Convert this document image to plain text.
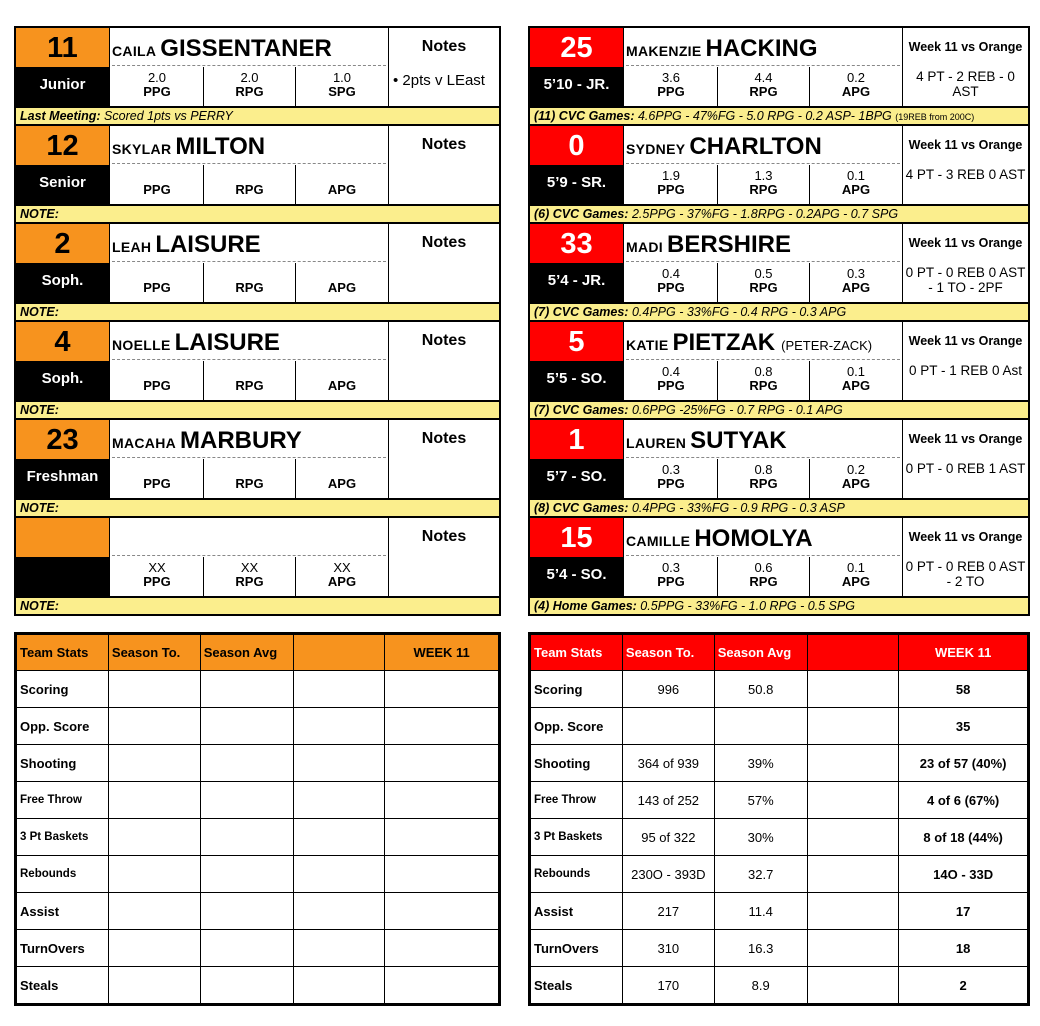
11
Junior
CAILA GISSENTANER
2.0
PPG
2.0
RPG
1.0
SPG
Notes
• 2pts v LEast
Last Meeting: Scored 1pts vs PERRY
12
Senior
SKYLAR MILTON
PPG	RPG	APG
Notes
NOTE:
2
Soph.
LEAH LAISURE
PPG	RPG	APG
Notes
NOTE:
4
Soph.
NOELLE LAISURE
PPG	RPG	APG
Notes
NOTE:
23
Freshman
MACAHA MARBURY
PPG	RPG	APG
Notes
NOTE:
XX
PPG
XX
RPG
XX
APG
Notes
NOTE:
25
5’10 - JR.
MAKENZIE HACKING
3.6
PPG
4.4
RPG
0.2
APG
Week 11 vs Orange
4 PT - 2 REB - 0 AST
(11) CVC Games: 4.6PPG - 47%FG - 5.0 RPG - 0.2 ASP- 1BPG (19REB from 200C)
0
5’9 - SR.
SYDNEY CHARLTON
1.9
PPG
1.3
RPG
0.1
APG
Week 11 vs Orange
4 PT - 3 REB 0 AST
(6) CVC Games: 2.5PPG - 37%FG - 1.8RPG - 0.2APG - 0.7 SPG
33
5’4 - JR.
MADI BERSHIRE
0.4
PPG
0.5
RPG
0.3
APG
Week 11 vs Orange
0 PT - 0 REB 0 AST - 1 TO - 2PF
(7) CVC Games: 0.4PPG - 33%FG - 0.4 RPG - 0.3 APG
5
5’5 - SO.
KATIE PIETZAK (PETER-ZACK)
0.4
PPG
0.8
RPG
0.1
APG
Week 11 vs Orange
0 PT - 1 REB 0 Ast
(7) CVC Games: 0.6PPG -25%FG - 0.7 RPG - 0.1 APG
1
5’7 - SO.
LAUREN SUTYAK
0.3
PPG
0.8
RPG
0.2
APG
Week 11 vs Orange
0 PT - 0 REB 1 AST
(8) CVC Games: 0.4PPG - 33%FG - 0.9 RPG - 0.3 ASP
15
5’4 - SO.
CAMILLE HOMOLYA
0.3
PPG
0.6
RPG
0.1
APG
Week 11 vs Orange
0 PT - 0 REB 0 AST - 2 TO
(4) Home Games: 0.5PPG - 33%FG - 1.0 RPG - 0.5 SPG
Team Stats	Season To.	Season Avg		WEEK 11
Scoring				
Opp. Score				
Shooting				
Free Throw				
3 Pt Baskets				
Rebounds				
Assist				
TurnOvers				
Steals				
Team Stats	Season To.	Season Avg		WEEK 11
Scoring	996	50.8		58
Opp. Score				35
Shooting	364 of 939	39%		23 of 57 (40%)
Free Throw	143 of 252	57%		4 of 6 (67%)
3 Pt Baskets	95 of 322	30%		8 of 18 (44%)
Rebounds	230O - 393D	32.7		14O - 33D
Assist	217	11.4		17
TurnOvers	310	16.3		18
Steals	170	8.9		2
